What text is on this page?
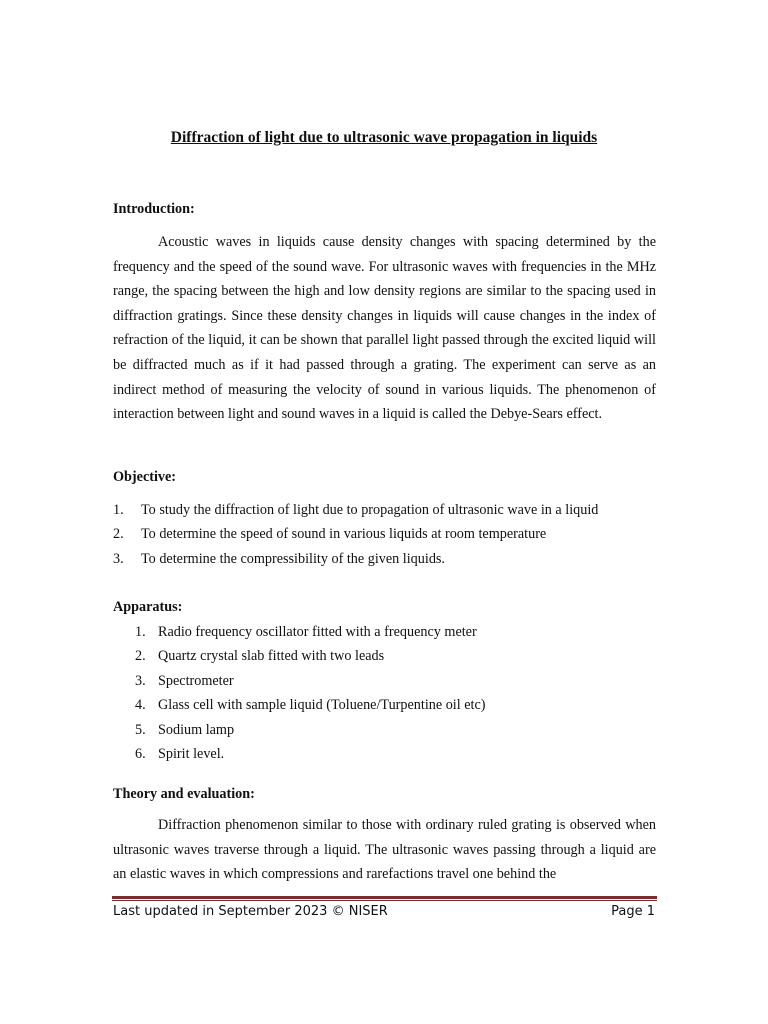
Diffraction of light due to ultrasonic wave propagation in liquids
Introduction:

Acoustic waves in liquids cause density changes with spacing determined by the frequency and the speed of the sound wave. For ultrasonic waves with frequencies in the MHz range, the spacing between the high and low density regions are similar to the spacing used in diffraction gratings. Since these density changes in liquids will cause changes in the index of refraction of the liquid, it can be shown that parallel light passed through the excited liquid will be diffracted much as if it had passed through a grating. The experiment can serve as an indirect method of measuring the velocity of sound in various liquids. The phenomenon of interaction between light and sound waves in a liquid is called the Debye-Sears effect.

Objective:
1. To study the diffraction of light due to propagation of ultrasonic wave in a liquid
2. To determine the speed of sound in various liquids at room temperature
3. To determine the compressibility of the given liquids.
Apparatus:
1. Radio frequency oscillator fitted with a frequency meter
2. Quartz crystal slab fitted with two leads
3. Spectrometer
4. Glass cell with sample liquid (Toluene/Turpentine oil etc)
5. Sodium lamp
6. Spirit level.
Theory and evaluation:

Diffraction phenomenon similar to those with ordinary ruled grating is observed when ultrasonic waves traverse through a liquid. The ultrasonic waves passing through a liquid are an elastic waves in which compressions and rarefactions travel one behind the

Last updated in September 2023 © NISER	Page 1
